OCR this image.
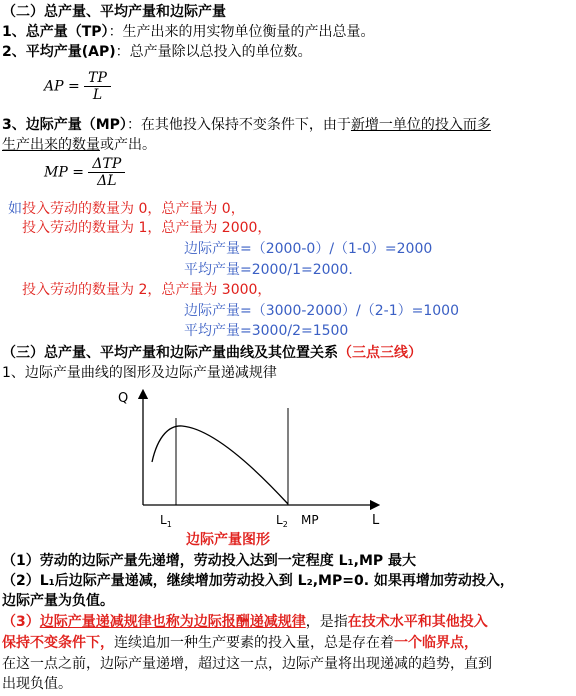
（二）总产量、平均产量和边际产量
1、总产量（TP）：生产出来的用实物单位衡量的产出总量。
2、平均产量(AP)：总产量除以总投入的单位数。
AP = $\frac{TP}{L}$
3、边际产量（MP）：在其他投入保持不变条件下，由于新增一单位的投入而多
生产出来的数量或产出。
MP = $\frac{\text{ΔTP}}{\Delta L}$
如投入劳动的数量为 0，总产量为 0，
投入劳动的数量为 1，总产量为 2000，
边际产量=（2000-0）/（1-0）=2000
平均产量=2000/1=2000.
投入劳动的数量为 2，总产量为 3000，
边际产量=（3000-2000）/（2-1）=1000
平均产量=3000/2=1500
（三）总产量、平均产量和边际产量曲线及其位置关系（三点三线）
1、边际产量曲线的图形及边际产量递减规律
Q
L
$L_1$	$L_2$ MP
边际产量图形
（1）劳动的边际产量先递增，劳动投入达到一定程度 L₁,MP 最大
（2）L₁后边际产量递减，继续增加劳动投入到 L₂,MP=0. 如果再增加劳动投入，
边际产量为负值。
（3）边际产量递减规律也称为边际报酬递减规律，是指在技术水平和其他投入
保持不变条件下，连续追加一种生产要素的投入量，总是存在着一个临界点，
在这一点之前，边际产量递增，超过这一点，边际产量将出现递减的趋势，直到
出现负值。
